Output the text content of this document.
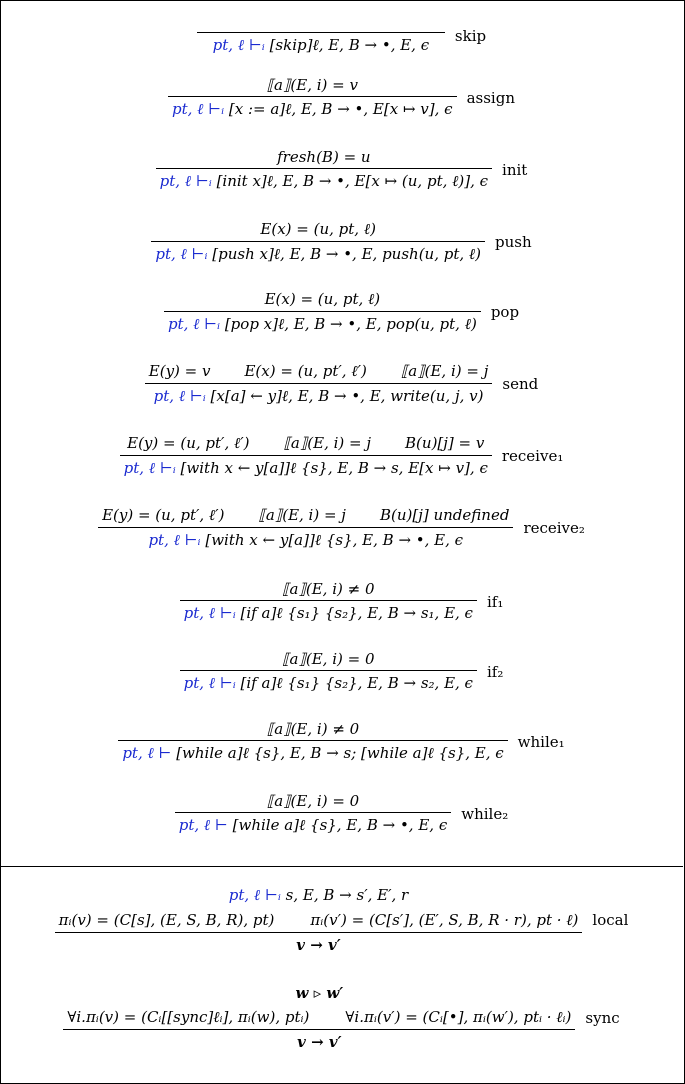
pt, ℓ ⊢ᵢ [skip]ℓ, E, B → •, E, ϵ
skip
$\frac{⟦a⟧(E, i) = v}{\text{pt, ℓ ⊢ᵢ [x := a]ℓ, E, B → •, E[x ↦ v], ϵ}}$ assign
$\frac{\text{fresh(B) = u}}{\text{pt, ℓ ⊢ᵢ [init x]ℓ, E, B → •, E[x ↦ (u, pt, ℓ)], ϵ}}$ init
$\frac{\text{E(x) = (u, pt, ℓ)}}{\text{pt, ℓ ⊢ᵢ [push x]ℓ, E, B → •, E, push(u, pt, ℓ)}}$ push
$\frac{\text{E(x) = (u, pt, ℓ)}}{\text{pt, ℓ ⊢ᵢ [pop x]ℓ, E, B → •, E, pop(u, pt, ℓ)}}$ pop
$\frac{\text{E(y) = v E(x) = (u, pt′, ℓ′) ⟦a⟧(E, i) = j}}{\text{pt, ℓ ⊢ᵢ [x[a] ← y]ℓ, E, B → •, E, write(u, j, v)}}$ send
$\frac{\text{E(y) = (u, pt′, ℓ′) ⟦a⟧(E, i) = j B(u)[j] = v}}{\text{pt, ℓ ⊢ᵢ [with x ← y[a]]ℓ \{s\}, E, B → s, E[x ↦ v], ϵ}}$ receive₁
E(y) = (u, pt′, ℓ′) ⟦a⟧(E, i) = j B(u)[j] undefined
pt, ℓ ⊢ᵢ [with x ← y[a]]ℓ {s}, E, B → •, E, ϵ
receive₂
$\frac{⟦a⟧(E, i) \ne 0}{\text{pt, ℓ ⊢ᵢ [if a]ℓ \{s₁\} \{s₂\}, E, B → s₁, E, ϵ}} if_1$
$\frac{⟦a⟧(E, i) = 0}{\text{pt, ℓ ⊢ᵢ [if a]ℓ \{s₁\} \{s₂\}, E, B → s₂, E, ϵ}} if_2$
$\frac{⟦a⟧(E, i) \ne 0}{\text{pt, ℓ ⊢ [while a]ℓ \{s\}, E, B → s; [while a]ℓ \{s\}, E, ϵ}}$ while₁
$\frac{⟦a⟧(E, i) = 0}{\text{pt, ℓ ⊢ [while a]ℓ \{s\}, E, B → •, E, ϵ}}$ while₂
pt, ℓ ⊢ᵢ s, E, B → s′, E′, r
πᵢ(v) = (C[s], (E, S, B, R), pt) πᵢ(v′) = (C[s′], (E′, S, B, R · r), pt · ℓ)
v → v′
local
w ▹ w′
∀i.πᵢ(v) = (Cᵢ[[sync]ℓᵢ], πᵢ(w), ptᵢ) ∀i.πᵢ(v′) = (Cᵢ[•], πᵢ(w′), ptᵢ · ℓᵢ)
v → v′
sync
